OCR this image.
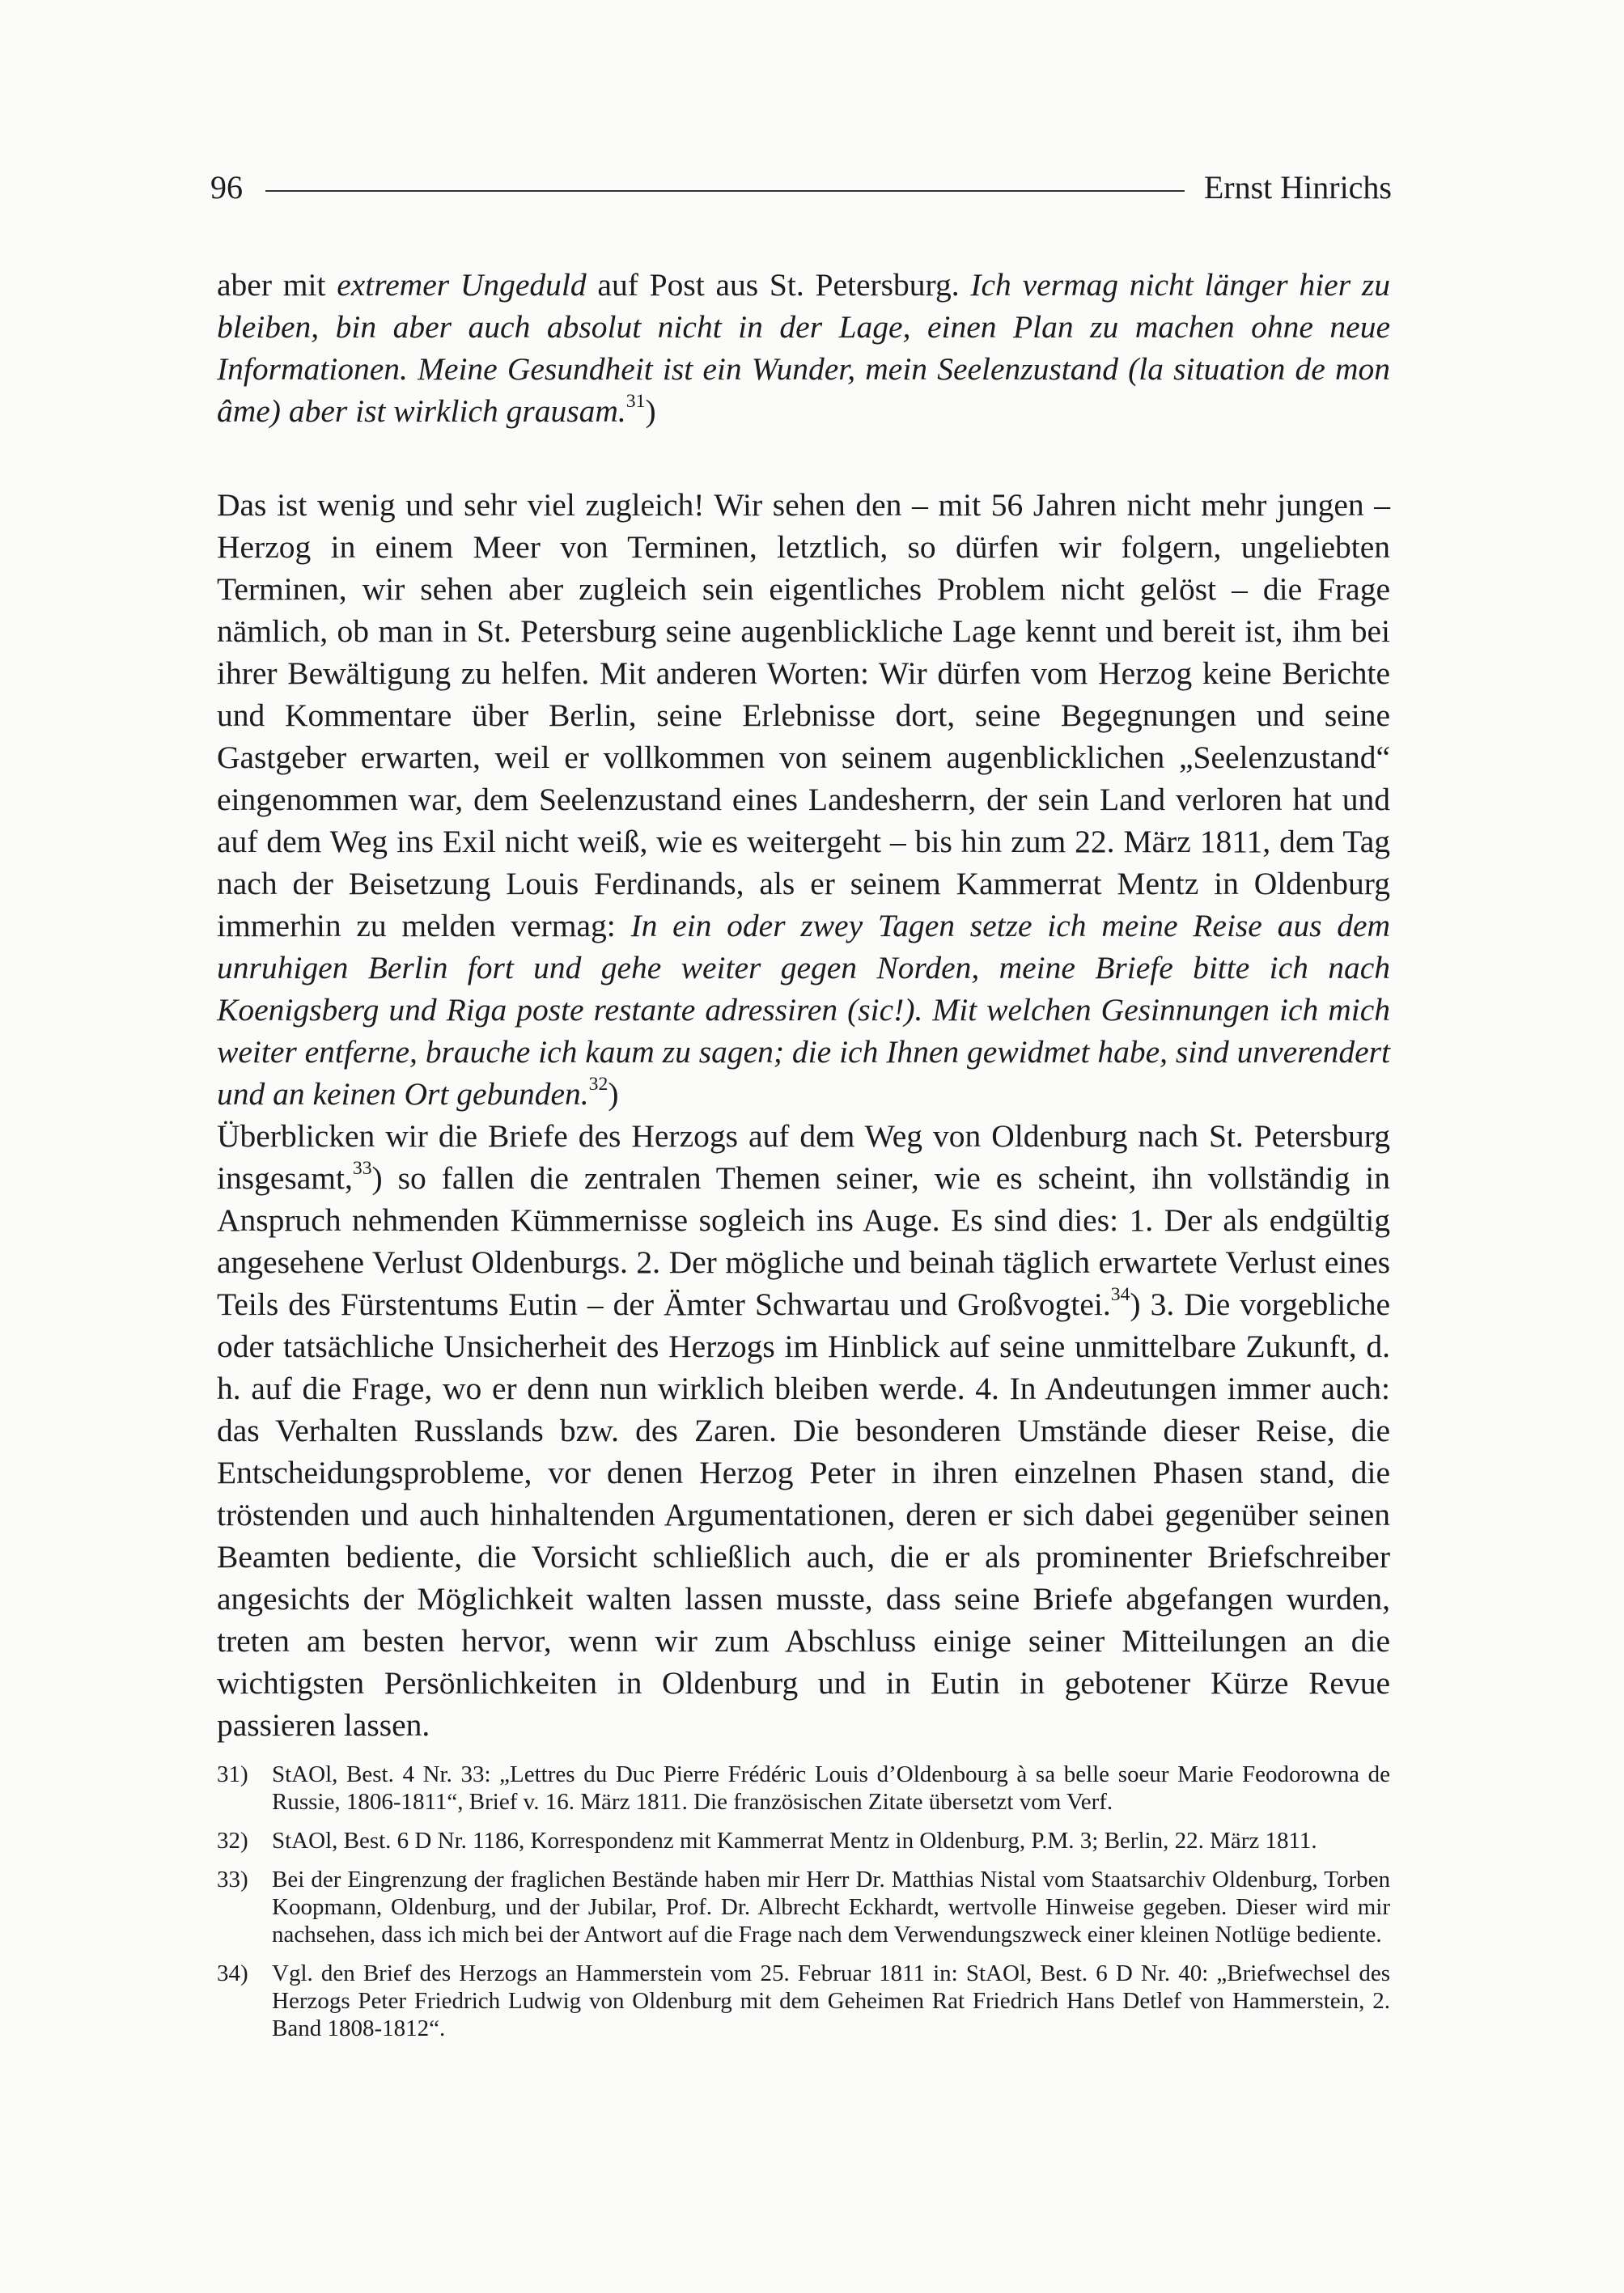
96	Ernst Hinrichs

aber mit extremer Ungeduld auf Post aus St. Petersburg. Ich vermag nicht länger hier zu bleiben, bin aber auch absolut nicht in der Lage, einen Plan zu machen ohne neue Informationen. Meine Gesundheit ist ein Wunder, mein Seelenzustand (la situation de mon âme) aber ist wirklich grausam.$^{31}$)

Das ist wenig und sehr viel zugleich! Wir sehen den – mit 56 Jahren nicht mehr jungen – Herzog in einem Meer von Terminen, letztlich, so dürfen wir folgern, ungeliebten Terminen, wir sehen aber zugleich sein eigentliches Problem nicht gelöst – die Frage nämlich, ob man in St. Petersburg seine augenblickliche Lage kennt und bereit ist, ihm bei ihrer Bewältigung zu helfen. Mit anderen Worten: Wir dürfen vom Herzog keine Berichte und Kommentare über Berlin, seine Erlebnisse dort, seine Begegnungen und seine Gastgeber erwarten, weil er vollkommen von seinem augenblicklichen „Seelenzustand“ eingenommen war, dem Seelenzustand eines Landesherrn, der sein Land verloren hat und auf dem Weg ins Exil nicht weiß, wie es weitergeht – bis hin zum 22. März 1811, dem Tag nach der Beisetzung Louis Ferdinands, als er seinem Kammerrat Mentz in Oldenburg immerhin zu melden vermag: In ein oder zwey Tagen setze ich meine Reise aus dem unruhigen Berlin fort und gehe weiter gegen Norden, meine Briefe bitte ich nach Koenigsberg und Riga poste restante adressiren (sic!). Mit welchen Gesinnungen ich mich weiter entferne, brauche ich kaum zu sagen; die ich Ihnen gewidmet habe, sind unverendert und an keinen Ort gebunden.$^{32}$)

Überblicken wir die Briefe des Herzogs auf dem Weg von Oldenburg nach St. Petersburg insgesamt,$^{33}$) so fallen die zentralen Themen seiner, wie es scheint, ihn vollständig in Anspruch nehmenden Kümmernisse sogleich ins Auge. Es sind dies: 1. Der als endgültig angesehene Verlust Oldenburgs. 2. Der mögliche und beinah täglich erwartete Verlust eines Teils des Fürstentums Eutin – der Ämter Schwartau und Großvogtei.$^{34}$) 3. Die vorgebliche oder tatsächliche Unsicherheit des Herzogs im Hinblick auf seine unmittelbare Zukunft, d. h. auf die Frage, wo er denn nun wirklich bleiben werde. 4. In Andeutungen immer auch: das Verhalten Russlands bzw. des Zaren. Die besonderen Umstände dieser Reise, die Entscheidungsprobleme, vor denen Herzog Peter in ihren einzelnen Phasen stand, die tröstenden und auch hinhaltenden Argumentationen, deren er sich dabei gegenüber seinen Beamten bediente, die Vorsicht schließlich auch, die er als prominenter Briefschreiber angesichts der Möglichkeit walten lassen musste, dass seine Briefe abgefangen wurden, treten am besten hervor, wenn wir zum Abschluss einige seiner Mitteilungen an die wichtigsten Persönlichkeiten in Oldenburg und in Eutin in gebotener Kürze Revue passieren lassen.

31)	StAOl, Best. 4 Nr. 33: „Lettres du Duc Pierre Frédéric Louis d’Oldenbourg à sa belle soeur Marie Feodorowna de Russie, 1806-1811“, Brief v. 16. März 1811. Die französischen Zitate übersetzt vom Verf.
32)	StAOl, Best. 6 D Nr. 1186, Korrespondenz mit Kammerrat Mentz in Oldenburg, P.M. 3; Berlin, 22. März 1811.
33)	Bei der Eingrenzung der fraglichen Bestände haben mir Herr Dr. Matthias Nistal vom Staatsarchiv Oldenburg, Torben Koopmann, Oldenburg, und der Jubilar, Prof. Dr. Albrecht Eckhardt, wertvolle Hinweise gegeben. Dieser wird mir nachsehen, dass ich mich bei der Antwort auf die Frage nach dem Verwendungszweck einer kleinen Notlüge bediente.
34)	Vgl. den Brief des Herzogs an Hammerstein vom 25. Februar 1811 in: StAOl, Best. 6 D Nr. 40: „Briefwechsel des Herzogs Peter Friedrich Ludwig von Oldenburg mit dem Geheimen Rat Friedrich Hans Detlef von Hammerstein, 2. Band 1808-1812“.
